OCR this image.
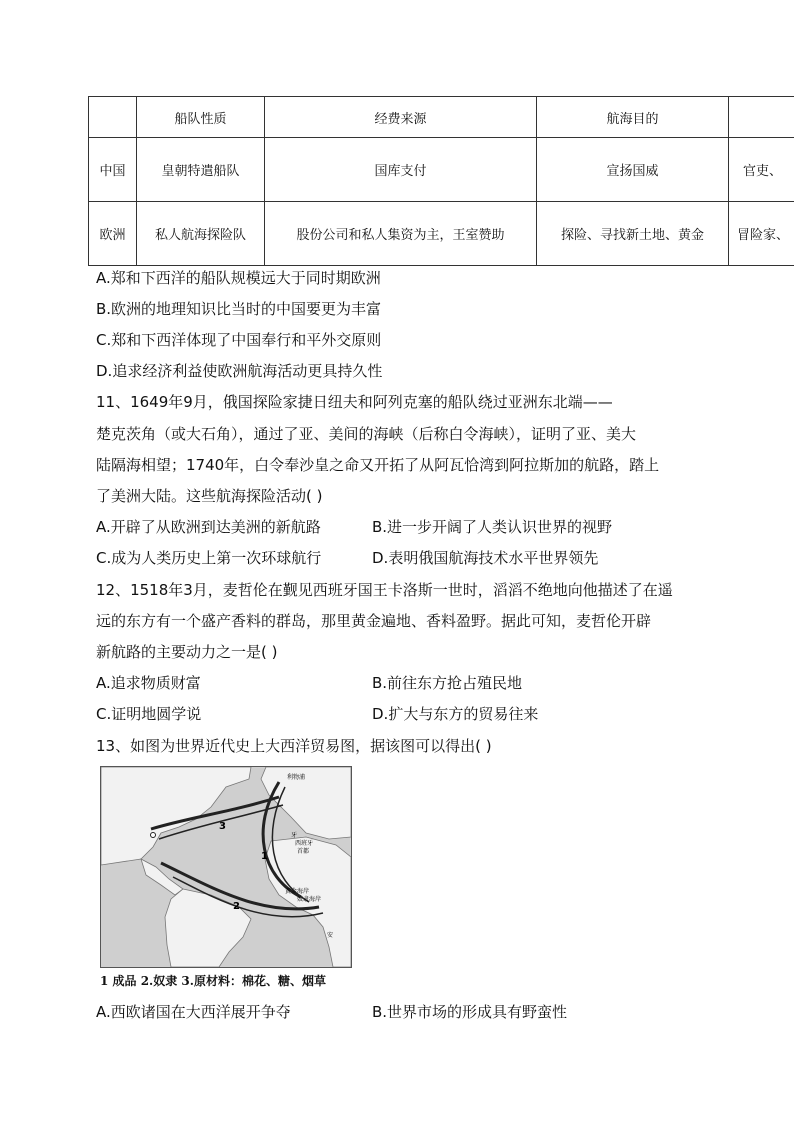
	船队性质	经费来源	航海目的	
中国	皇朝特遣船队	国库支付	宣扬国威	官吏、
欧洲	私人航海探险队	股份公司和私人集资为主，王室赞助	探险、寻找新土地、黄金	冒险家、
A.郑和下西洋的船队规模远大于同时期欧洲
B.欧洲的地理知识比当时的中国要更为丰富
C.郑和下西洋体现了中国奉行和平外交原则
D.追求经济利益使欧洲航海活动更具持久性
11、1649年9月，俄国探险家捷日纽夫和阿列克塞的船队绕过亚洲东北端——
楚克茨角（或大石角），通过了亚、美间的海峡（后称白令海峡），证明了亚、美大
陆隔海相望；1740年，白令奉沙皇之命又开拓了从阿瓦恰湾到阿拉斯加的航路，踏上
了美洲大陆。这些航海探险活动( )
A.开辟了从欧洲到达美洲的新航路	B.进一步开阔了人类认识世界的视野
C.成为人类历史上第一次环球航行	D.表明俄国航海技术水平世界领先
12、1518年3月，麦哲伦在觐见西班牙国王卡洛斯一世时，滔滔不绝地向他描述了在遥
远的东方有一个盛产香料的群岛，那里黄金遍地、香料盈野。据此可知，麦哲伦开辟
新航路的主要动力之一是( )
A.追求物质财富	B.前往东方抢占殖民地
C.证明地圆学说	D.扩大与东方的贸易往来
13、如图为世界近代史上大西洋贸易图，据该图可以得出( )
利物浦
牙
西班牙
首都
黄金海岸
奴隶海岸
安
1
2
3
1 成品 2.奴隶 3.原材料：棉花、糖、烟草
A.西欧诸国在大西洋展开争夺	B.世界市场的形成具有野蛮性
